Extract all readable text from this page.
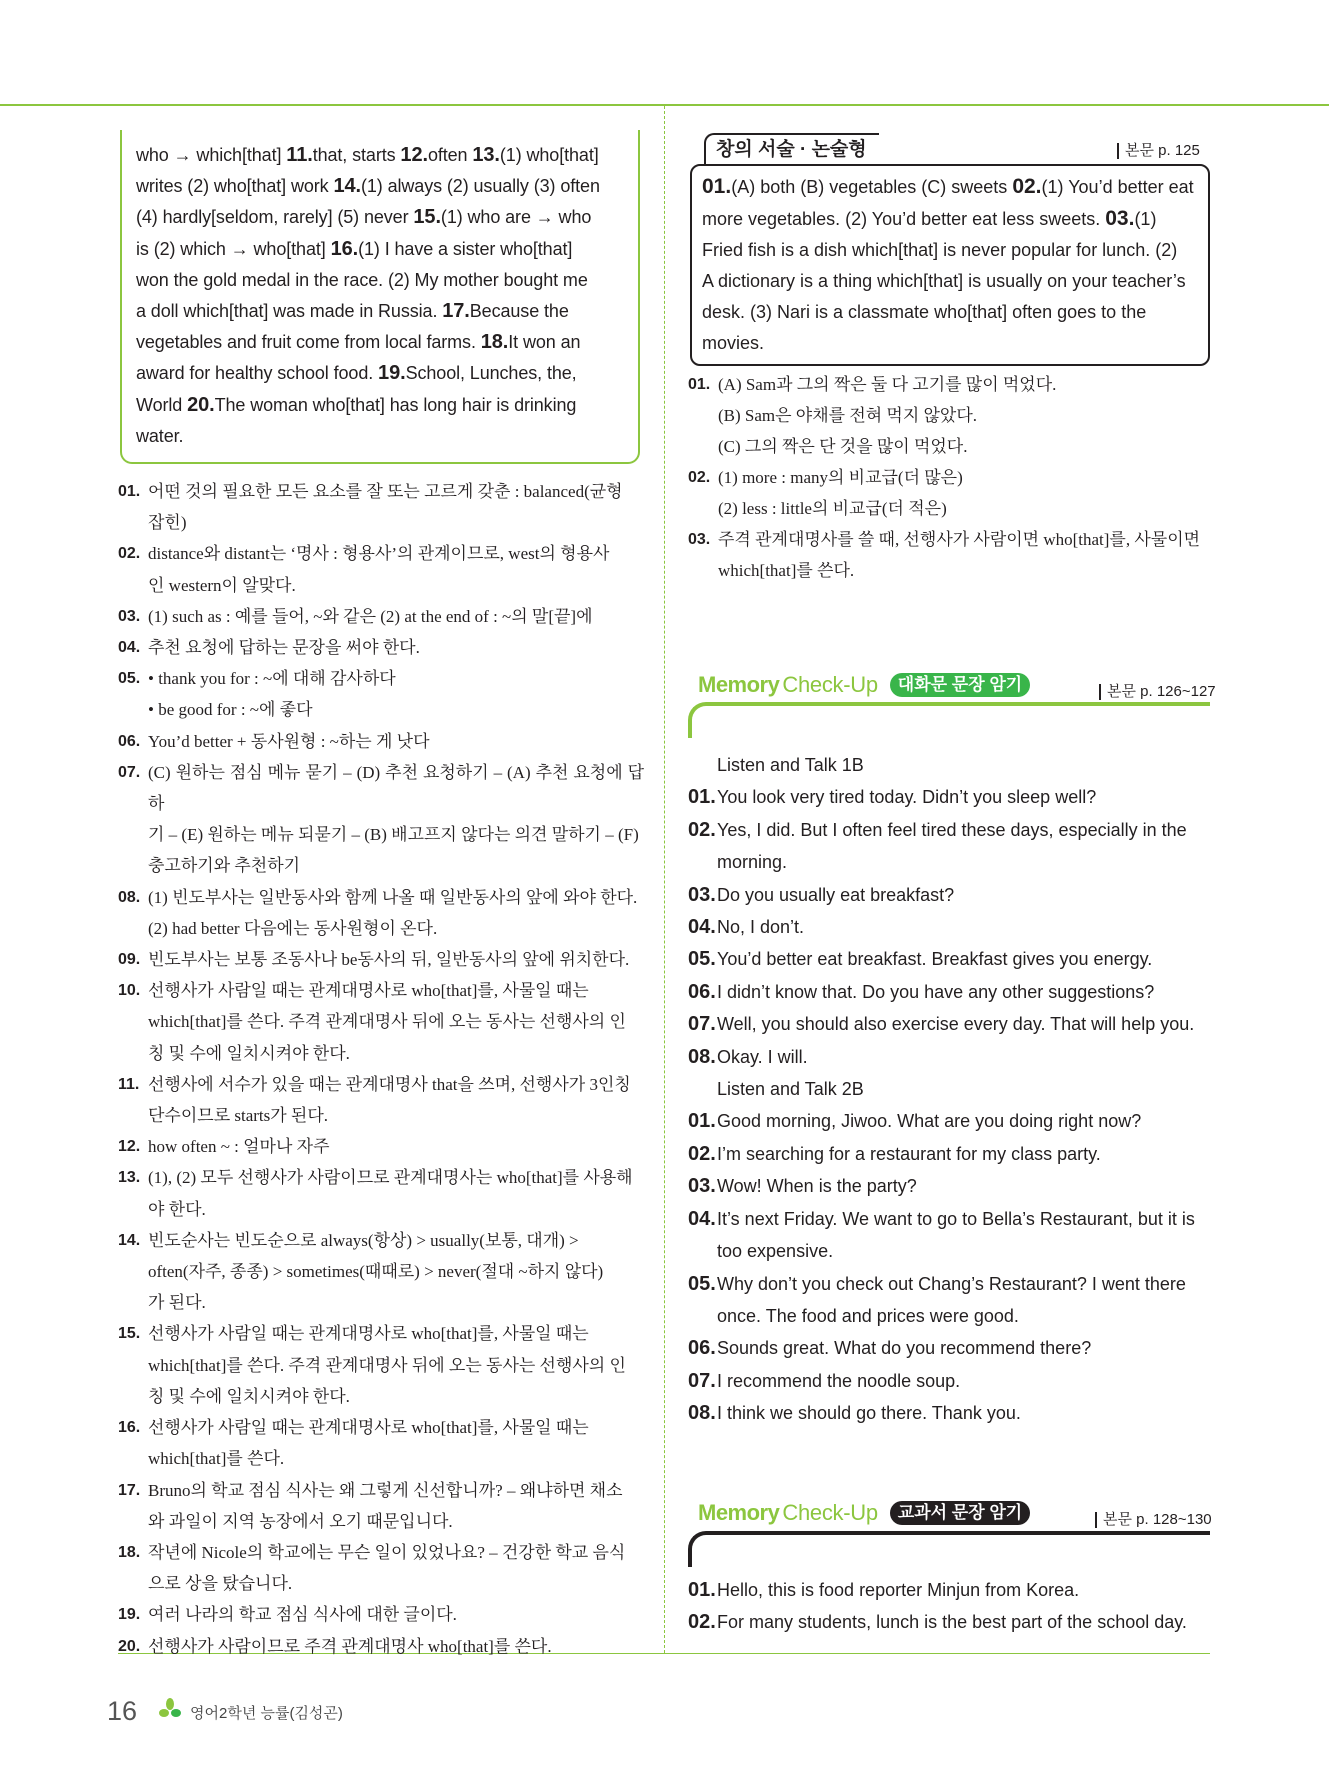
who → which[that] 11.that, starts 12.often 13.(1) who[that]

writes (2) who[that] work 14.(1) always (2) usually (3) often

(4) hardly[seldom, rarely] (5) never 15.(1) who are → who

is (2) which → who[that] 16.(1) I have a sister who[that]

won the gold medal in the race. (2) My mother bought me

a doll which[that] was made in Russia. 17.Because the

vegetables and fruit come from local farms. 18.It won an

award for healthy school food. 19.School, Lunches, the,

World 20.The woman who[that] has long hair is drinking

water.

01. 어떤 것의 필요한 모든 요소를 잘 또는 고르게 갖춘 : balanced(균형
잡힌)
02. distance와 distant는 ‘명사 : 형용사’의 관계이므로, west의 형용사
인 western이 알맞다.
03. (1) such as : 예를 들어, ~와 같은 (2) at the end of : ~의 말[끝]에
04. 추천 요청에 답하는 문장을 써야 한다.
05. • thank you for : ~에 대해 감사하다
• be good for : ~에 좋다
06. You’d better + 동사원형 : ~하는 게 낫다
07. (C) 원하는 점심 메뉴 묻기 – (D) 추천 요청하기 – (A) 추천 요청에 답하
기 – (E) 원하는 메뉴 되묻기 – (B) 배고프지 않다는 의견 말하기 – (F)
충고하기와 추천하기
08. (1) 빈도부사는 일반동사와 함께 나올 때 일반동사의 앞에 와야 한다.
(2) had better 다음에는 동사원형이 온다.
09. 빈도부사는 보통 조동사나 be동사의 뒤, 일반동사의 앞에 위치한다.
10. 선행사가 사람일 때는 관계대명사로 who[that]를, 사물일 때는
which[that]를 쓴다. 주격 관계대명사 뒤에 오는 동사는 선행사의 인
칭 및 수에 일치시켜야 한다.
11. 선행사에 서수가 있을 때는 관계대명사 that을 쓰며, 선행사가 3인칭
단수이므로 starts가 된다.
12. how often ~ : 얼마나 자주
13. (1), (2) 모두 선행사가 사람이므로 관계대명사는 who[that]를 사용해
야 한다.
14. 빈도순사는 빈도순으로 always(항상) > usually(보통, 대개) >
often(자주, 종종) > sometimes(때때로) > never(절대 ~하지 않다)
가 된다.
15. 선행사가 사람일 때는 관계대명사로 who[that]를, 사물일 때는
which[that]를 쓴다. 주격 관계대명사 뒤에 오는 동사는 선행사의 인
칭 및 수에 일치시켜야 한다.
16. 선행사가 사람일 때는 관계대명사로 who[that]를, 사물일 때는
which[that]를 쓴다.
17. Bruno의 학교 점심 식사는 왜 그렇게 신선합니까? – 왜냐하면 채소
와 과일이 지역 농장에서 오기 때문입니다.
18. 작년에 Nicole의 학교에는 무슨 일이 있었나요? – 건강한 학교 음식
으로 상을 탔습니다.
19. 여러 나라의 학교 점심 식사에 대한 글이다.
20. 선행사가 사람이므로 주격 관계대명사 who[that]를 쓴다.
창의 서술 · 논술형	본문 p. 125

01.(A) both (B) vegetables (C) sweets 02.(1) You’d better eat

more vegetables. (2) You’d better eat less sweets. 03.(1)

Fried fish is a dish which[that] is never popular for lunch. (2)

A dictionary is a thing which[that] is usually on your teacher’s

desk. (3) Nari is a classmate who[that] often goes to the

movies.

01. (A) Sam과 그의 짝은 둘 다 고기를 많이 먹었다.
(B) Sam은 야채를 전혀 먹지 않았다.
(C) 그의 짝은 단 것을 많이 먹었다.
02. (1) more : many의 비교급(더 많은)
(2) less : little의 비교급(더 적은)
03. 주격 관계대명사를 쓸 때, 선행사가 사람이면 who[that]를, 사물이면
which[that]를 쓴다.
Memory Check-Up	대화문 문장 암기	본문 p. 126~127
Listen and Talk 1B
01. You look very tired today. Didn’t you sleep well?
02. Yes, I did. But I often feel tired these days, especially in the
morning.
03. Do you usually eat breakfast?
04. No, I don’t.
05. You’d better eat breakfast. Breakfast gives you energy.
06. I didn’t know that. Do you have any other suggestions?
07. Well, you should also exercise every day. That will help you.
08. Okay. I will.
Listen and Talk 2B
01. Good morning, Jiwoo. What are you doing right now?
02. I’m searching for a restaurant for my class party.
03. Wow! When is the party?
04. It’s next Friday. We want to go to Bella’s Restaurant, but it is
too expensive.
05. Why don’t you check out Chang’s Restaurant? I went there
once. The food and prices were good.
06. Sounds great. What do you recommend there?
07. I recommend the noodle soup.
08. I think we should go there. Thank you.
Memory Check-Up	교과서 문장 암기	본문 p. 128~130
01. Hello, this is food reporter Minjun from Korea.
02. For many students, lunch is the best part of the school day.
16	영어2학년 능률(김성곤)
